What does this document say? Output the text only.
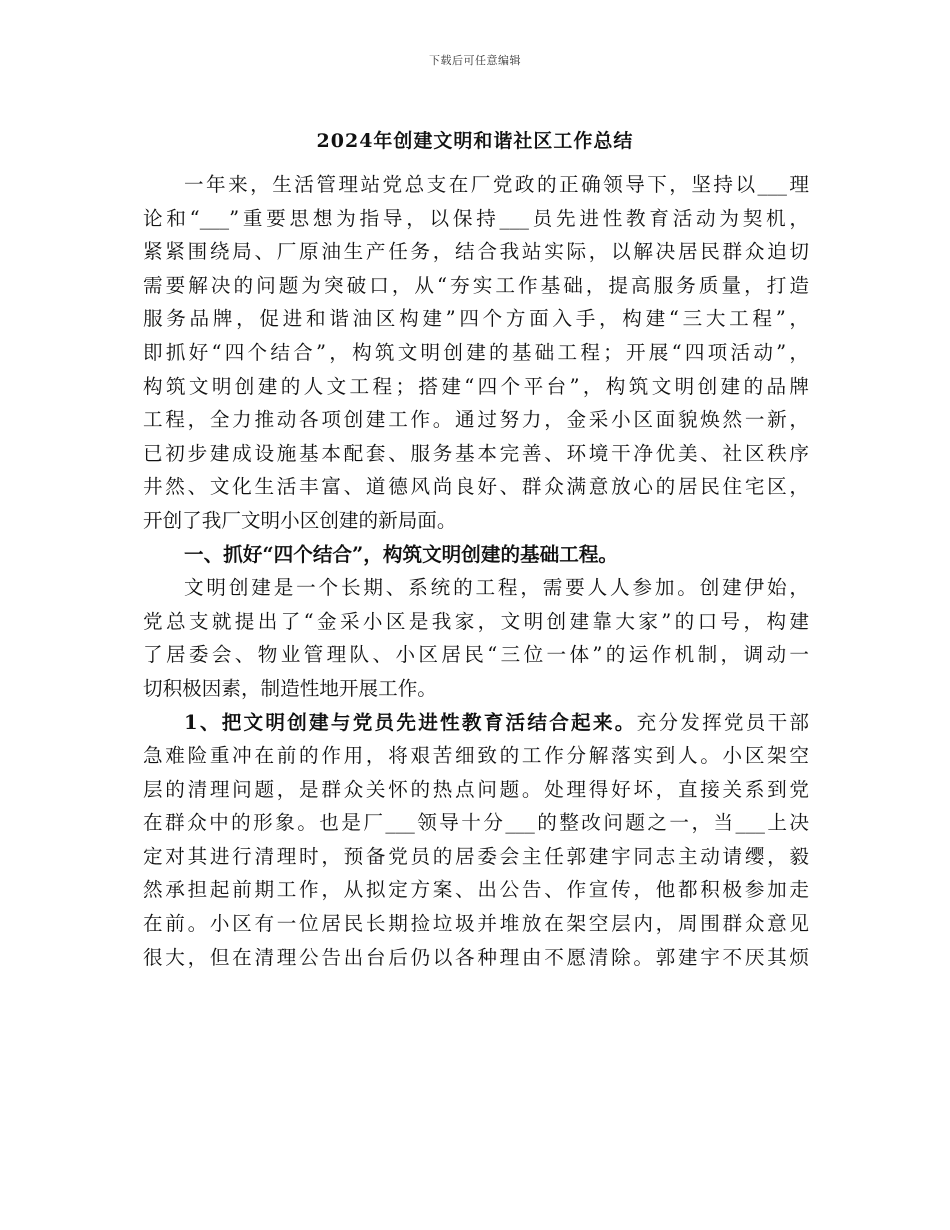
下载后可任意编辑
2024年创建文明和谐社区工作总结
一年来，生活管理站党总支在厂党政的正确领导下，坚持以___理
论和“___”重要思想为指导，以保持___员先进性教育活动为契机，
紧紧围绕局、厂原油生产任务，结合我站实际，以解决居民群众迫切
需要解决的问题为突破口，从“夯实工作基础，提高服务质量，打造
服务品牌，促进和谐油区构建”四个方面入手，构建“三大工程”，
即抓好“四个结合”，构筑文明创建的基础工程；开展“四项活动”，
构筑文明创建的人文工程；搭建“四个平台”，构筑文明创建的品牌
工程，全力推动各项创建工作。通过努力，金采小区面貌焕然一新，
已初步建成设施基本配套、服务基本完善、环境干净优美、社区秩序
井然、文化生活丰富、道德风尚良好、群众满意放心的居民住宅区，
开创了我厂文明小区创建的新局面。
一、抓好“四个结合”，构筑文明创建的基础工程。
文明创建是一个长期、系统的工程，需要人人参加。创建伊始，
党总支就提出了“金采小区是我家，文明创建靠大家”的口号，构建
了居委会、物业管理队、小区居民“三位一体”的运作机制，调动一
切积极因素，制造性地开展工作。
1、把文明创建与党员先进性教育活结合起来。充分发挥党员干部
急难险重冲在前的作用，将艰苦细致的工作分解落实到人。小区架空
层的清理问题，是群众关怀的热点问题。处理得好坏，直接关系到党
在群众中的形象。也是厂___领导十分___的整改问题之一，当___上决
定对其进行清理时，预备党员的居委会主任郭建宇同志主动请缨，毅
然承担起前期工作，从拟定方案、出公告、作宣传，他都积极参加走
在前。小区有一位居民长期捡垃圾并堆放在架空层内，周围群众意见
很大，但在清理公告出台后仍以各种理由不愿清除。郭建宇不厌其烦
